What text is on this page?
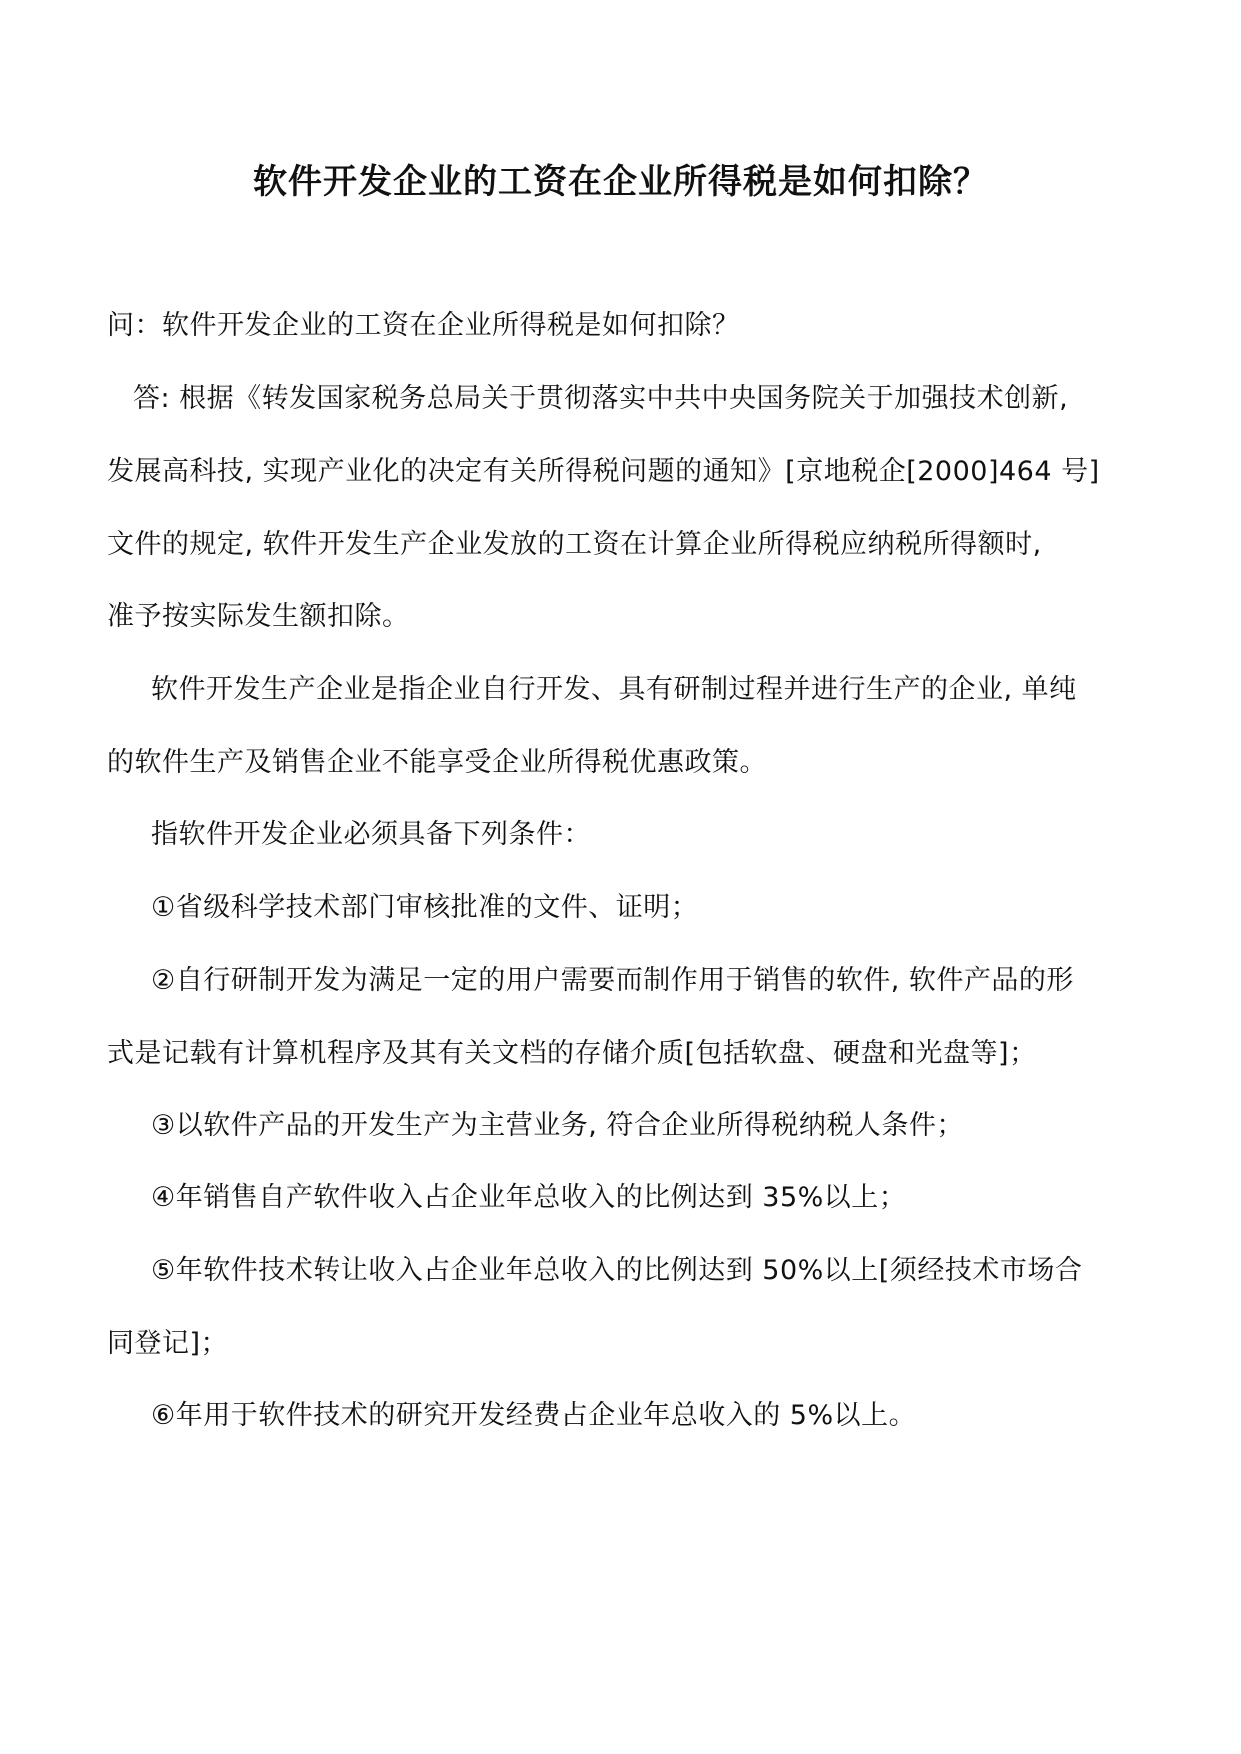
软件开发企业的工资在企业所得税是如何扣除？
问：软件开发企业的工资在企业所得税是如何扣除？
答: 根据《转发国家税务总局关于贯彻落实中共中央国务院关于加强技术创新,
发展高科技, 实现产业化的决定有关所得税问题的通知》[京地税企[2000]464 号]
文件的规定, 软件开发生产企业发放的工资在计算企业所得税应纳税所得额时,
准予按实际发生额扣除。
软件开发生产企业是指企业自行开发、具有研制过程并进行生产的企业, 单纯
的软件生产及销售企业不能享受企业所得税优惠政策。
指软件开发企业必须具备下列条件：
①省级科学技术部门审核批准的文件、证明；
②自行研制开发为满足一定的用户需要而制作用于销售的软件, 软件产品的形
式是记载有计算机程序及其有关文档的存储介质[包括软盘、硬盘和光盘等]；
③以软件产品的开发生产为主营业务, 符合企业所得税纳税人条件；
④年销售自产软件收入占企业年总收入的比例达到 35%以上；
⑤年软件技术转让收入占企业年总收入的比例达到 50%以上[须经技术市场合
同登记]；
⑥年用于软件技术的研究开发经费占企业年总收入的 5%以上。
